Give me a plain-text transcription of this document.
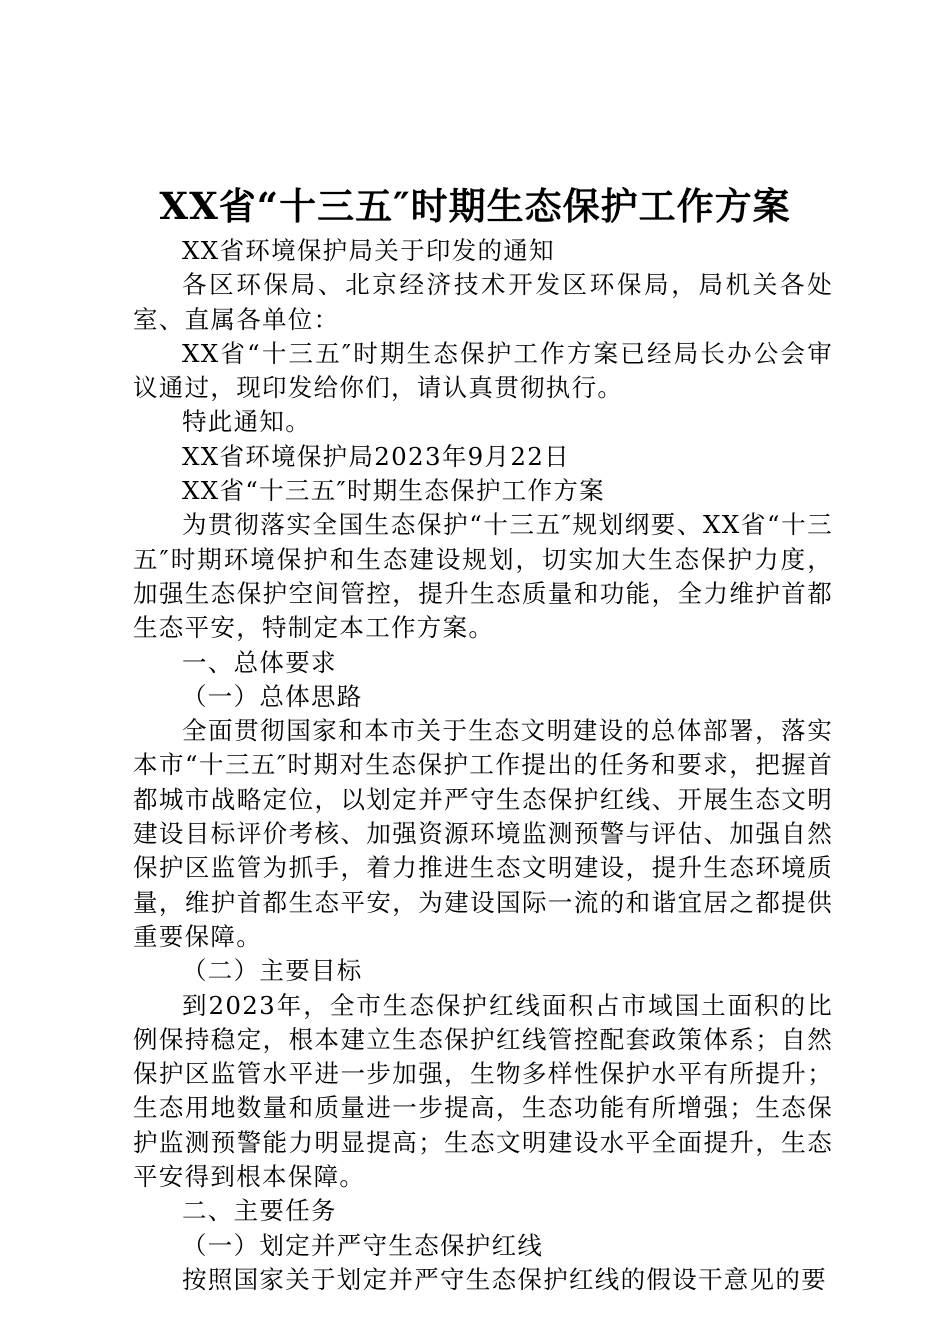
XX省“十三五″时期生态保护工作方案

XX省环境保护局关于印发的通知

各区环保局、北京经济技术开发区环保局，局机关各处室、直属各单位：

XX省“十三五″时期生态保护工作方案已经局长办公会审议通过，现印发给你们，请认真贯彻执行。

特此通知。

XX省环境保护局2023年9月22日

XX省“十三五″时期生态保护工作方案

为贯彻落实全国生态保护“十三五″规划纲要、XX省“十三五″时期环境保护和生态建设规划，切实加大生态保护力度，加强生态保护空间管控，提升生态质量和功能，全力维护首都生态平安，特制定本工作方案。

一、总体要求

（一）总体思路

全面贯彻国家和本市关于生态文明建设的总体部署，落实本市“十三五″时期对生态保护工作提出的任务和要求，把握首都城市战略定位，以划定并严守生态保护红线、开展生态文明建设目标评价考核、加强资源环境监测预警与评估、加强自然保护区监管为抓手，着力推进生态文明建设，提升生态环境质量，维护首都生态平安，为建设国际一流的和谐宜居之都提供重要保障。

（二）主要目标

到2023年，全市生态保护红线面积占市域国土面积的比例保持稳定，根本建立生态保护红线管控配套政策体系；自然保护区监管水平进一步加强，生物多样性保护水平有所提升；生态用地数量和质量进一步提高，生态功能有所增强；生态保护监测预警能力明显提高；生态文明建设水平全面提升，生态平安得到根本保障。

二、主要任务

（一）划定并严守生态保护红线

按照国家关于划定并严守生态保护红线的假设干意见的要
